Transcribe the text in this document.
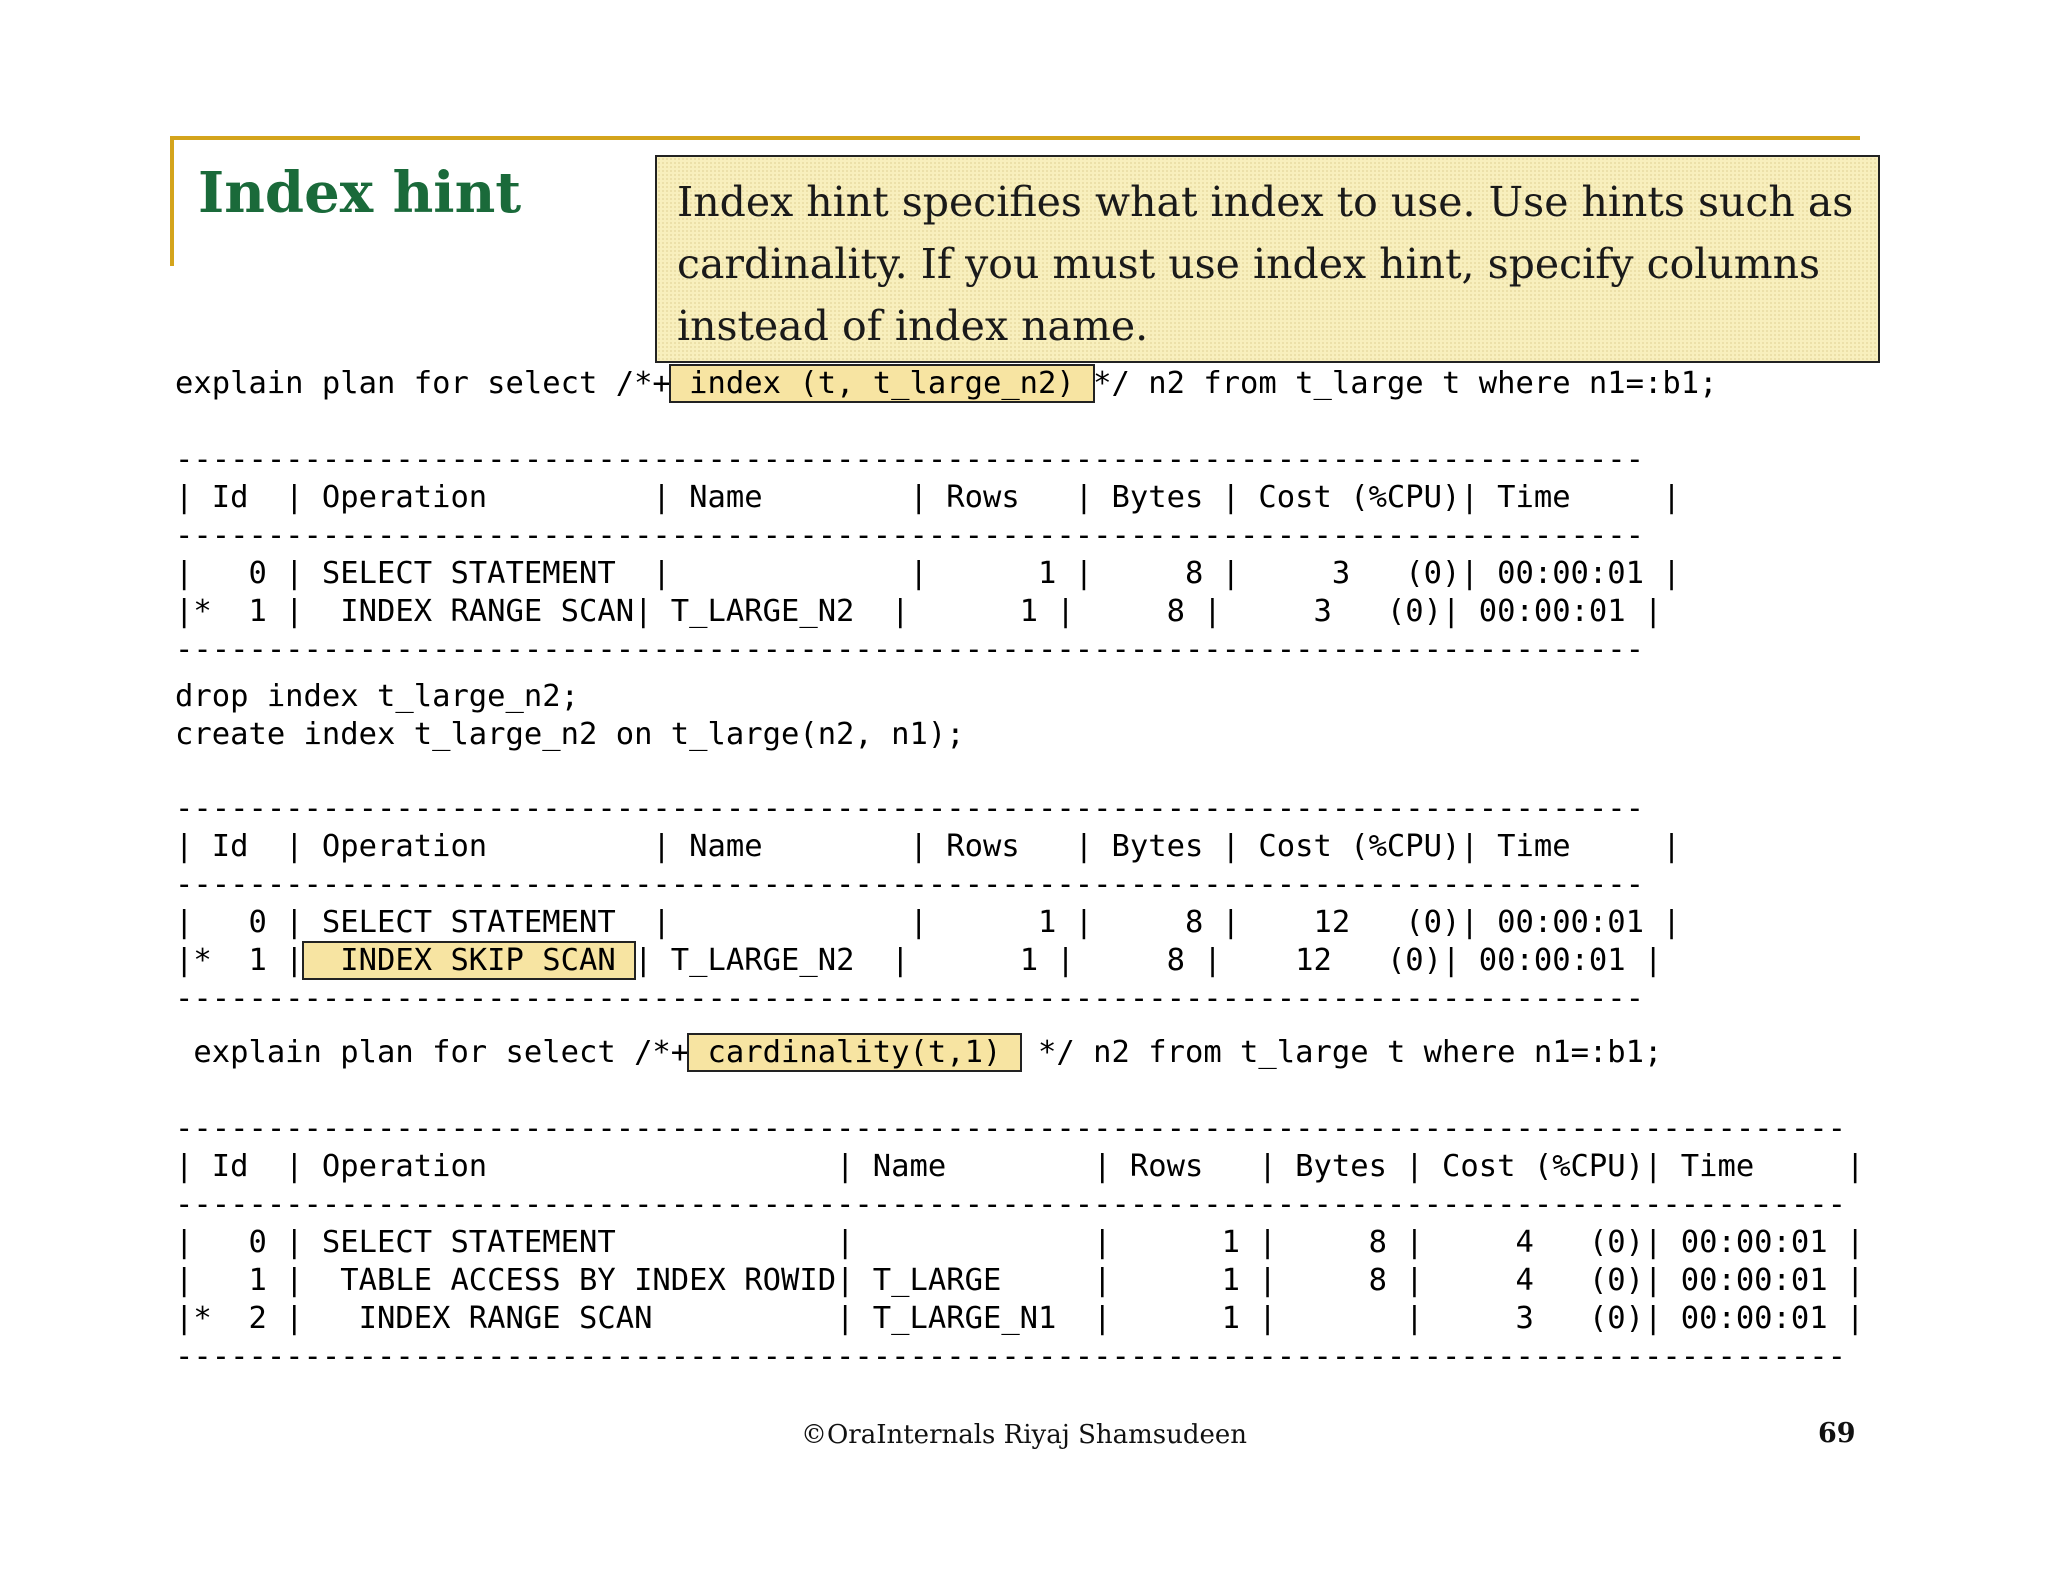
Index hint
explain plan for select /*+ index (t, t_large_n2) */ n2 from t_large t where n1=:b1;
--------------------------------------------------------------------------------
| Id  | Operation         | Name        | Rows   | Bytes | Cost (%CPU)| Time     |
--------------------------------------------------------------------------------
|   0 | SELECT STATEMENT  |             |      1 |     8 |     3   (0)| 00:00:01 |
|*  1 |  INDEX RANGE SCAN| T_LARGE_N2  |      1 |     8 |     3   (0)| 00:00:01 |
--------------------------------------------------------------------------------
drop index t_large_n2;
create index t_large_n2 on t_large(n2, n1);
--------------------------------------------------------------------------------
| Id  | Operation         | Name        | Rows   | Bytes | Cost (%CPU)| Time     |
--------------------------------------------------------------------------------
|   0 | SELECT STATEMENT  |             |      1 |     8 |    12   (0)| 00:00:01 |
|*  1 |  INDEX SKIP SCAN | T_LARGE_N2  |      1 |     8 |    12   (0)| 00:00:01 |
--------------------------------------------------------------------------------
explain plan for select /*+ cardinality(t,1)  */ n2 from t_large t where n1=:b1;
-------------------------------------------------------------------------------------------
| Id  | Operation                   | Name        | Rows   | Bytes | Cost (%CPU)| Time     |
-------------------------------------------------------------------------------------------
|   0 | SELECT STATEMENT            |             |      1 |     8 |     4   (0)| 00:00:01 |
|   1 |  TABLE ACCESS BY INDEX ROWID| T_LARGE     |      1 |     8 |     4   (0)| 00:00:01 |
|*  2 |   INDEX RANGE SCAN          | T_LARGE_N1  |      1 |       |     3   (0)| 00:00:01 |
-------------------------------------------------------------------------------------------
Index hint specifies what index to use. Use hints such as cardinality. If you must use index hint, specify columns instead of index name.
©OraInternals Riyaj Shamsudeen	69
